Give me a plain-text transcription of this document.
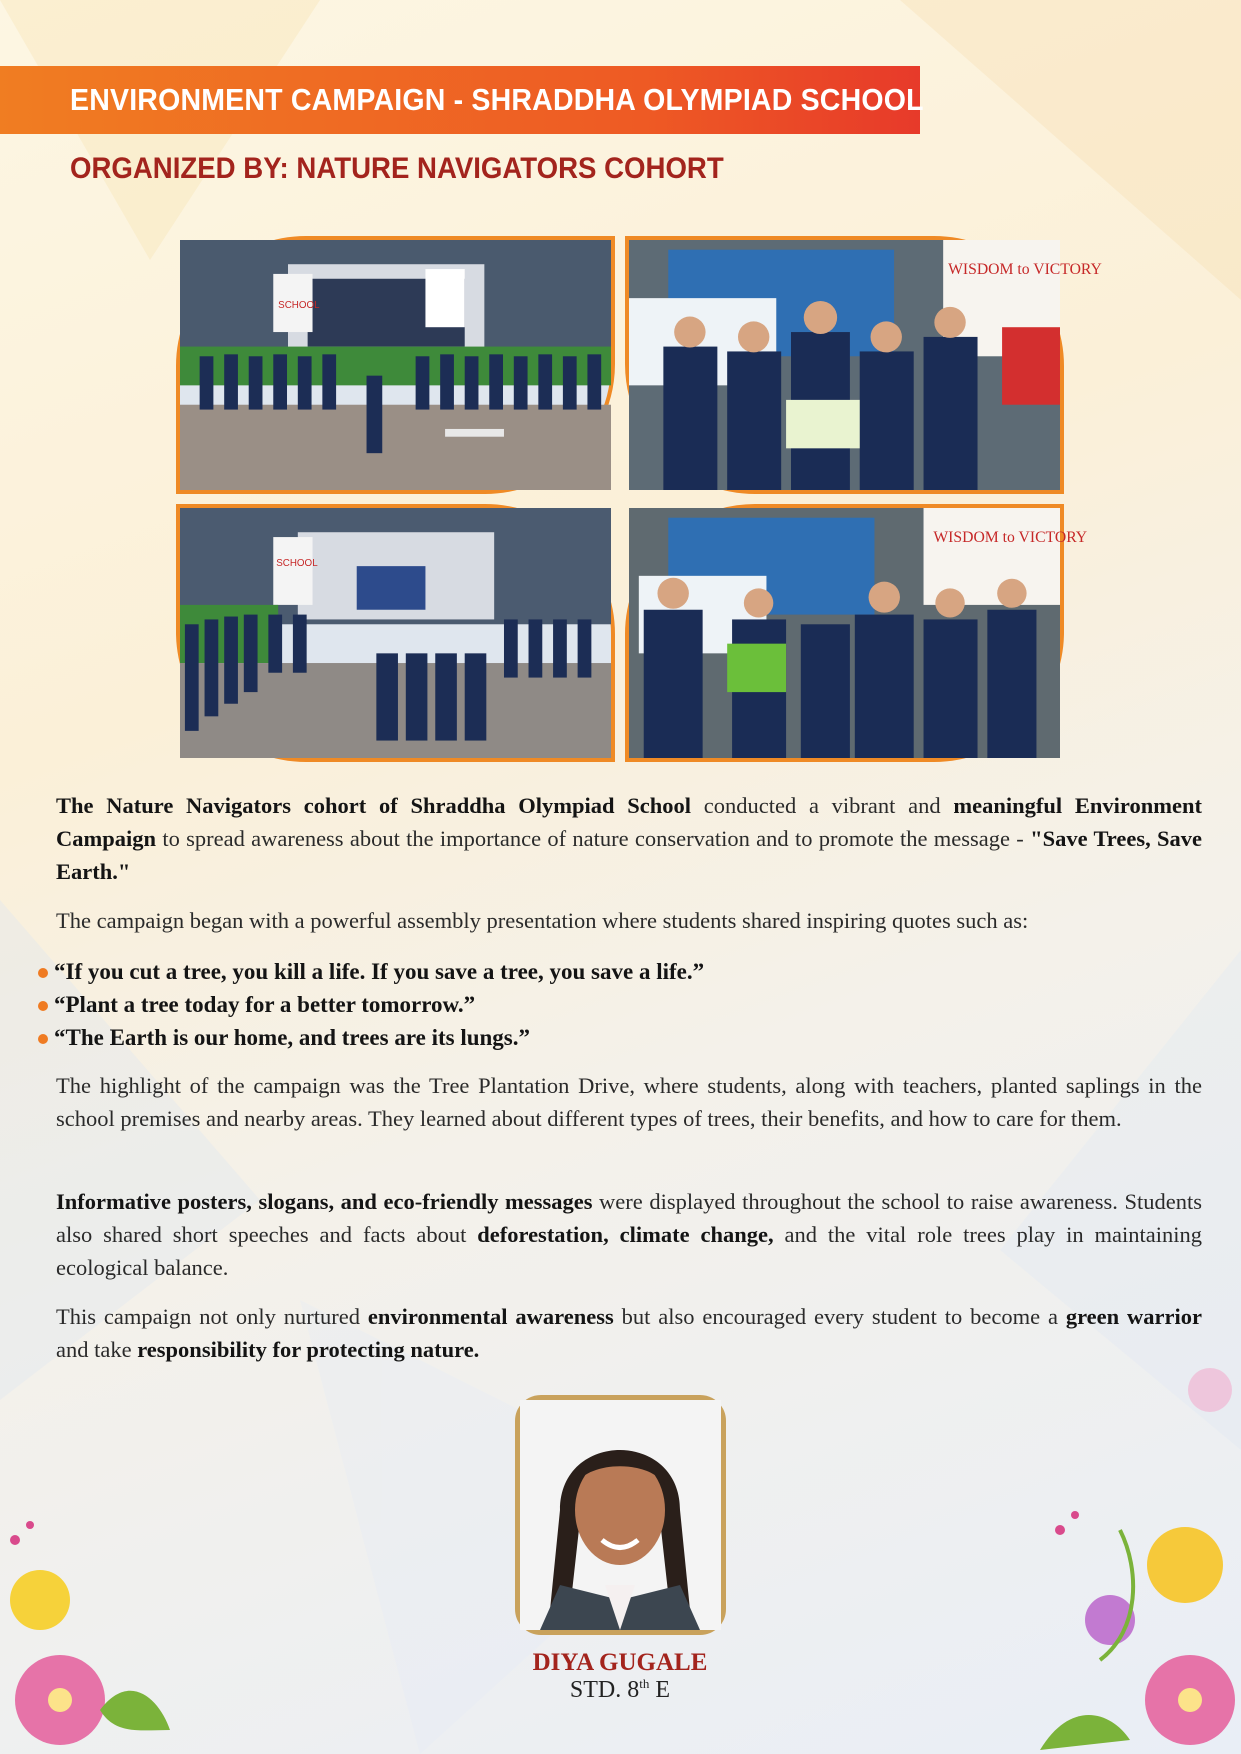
ENVIRONMENT CAMPAIGN - SHRADDHA OLYMPIAD SCHOOL
ORGANIZED BY: NATURE NAVIGATORS COHORT
SCHOOL
WISDOM to VICTORY
SCHOOL
WISDOM to VICTORY
The Nature Navigators cohort of Shraddha Olympiad School conducted a vibrant and meaningful Environment Campaign to spread awareness about the importance of nature conservation and to promote the message - "Save Trees, Save Earth."
The campaign began with a powerful assembly presentation where students shared inspiring quotes such as:
“If you cut a tree, you kill a life. If you save a tree, you save a life.”
“Plant a tree today for a better tomorrow.”
“The Earth is our home, and trees are its lungs.”
The highlight of the campaign was the Tree Plantation Drive, where students, along with teachers, planted saplings in the school premises and nearby areas. They learned about different types of trees, their benefits, and how to care for them.
Informative posters, slogans, and eco-friendly messages were displayed throughout the school to raise awareness. Students also shared short speeches and facts about deforestation, climate change, and the vital role trees play in maintaining ecological balance.
This campaign not only nurtured environmental awareness but also encouraged every student to become a green warrior and take responsibility for protecting nature.
DIYA GUGALE
STD. 8th E
